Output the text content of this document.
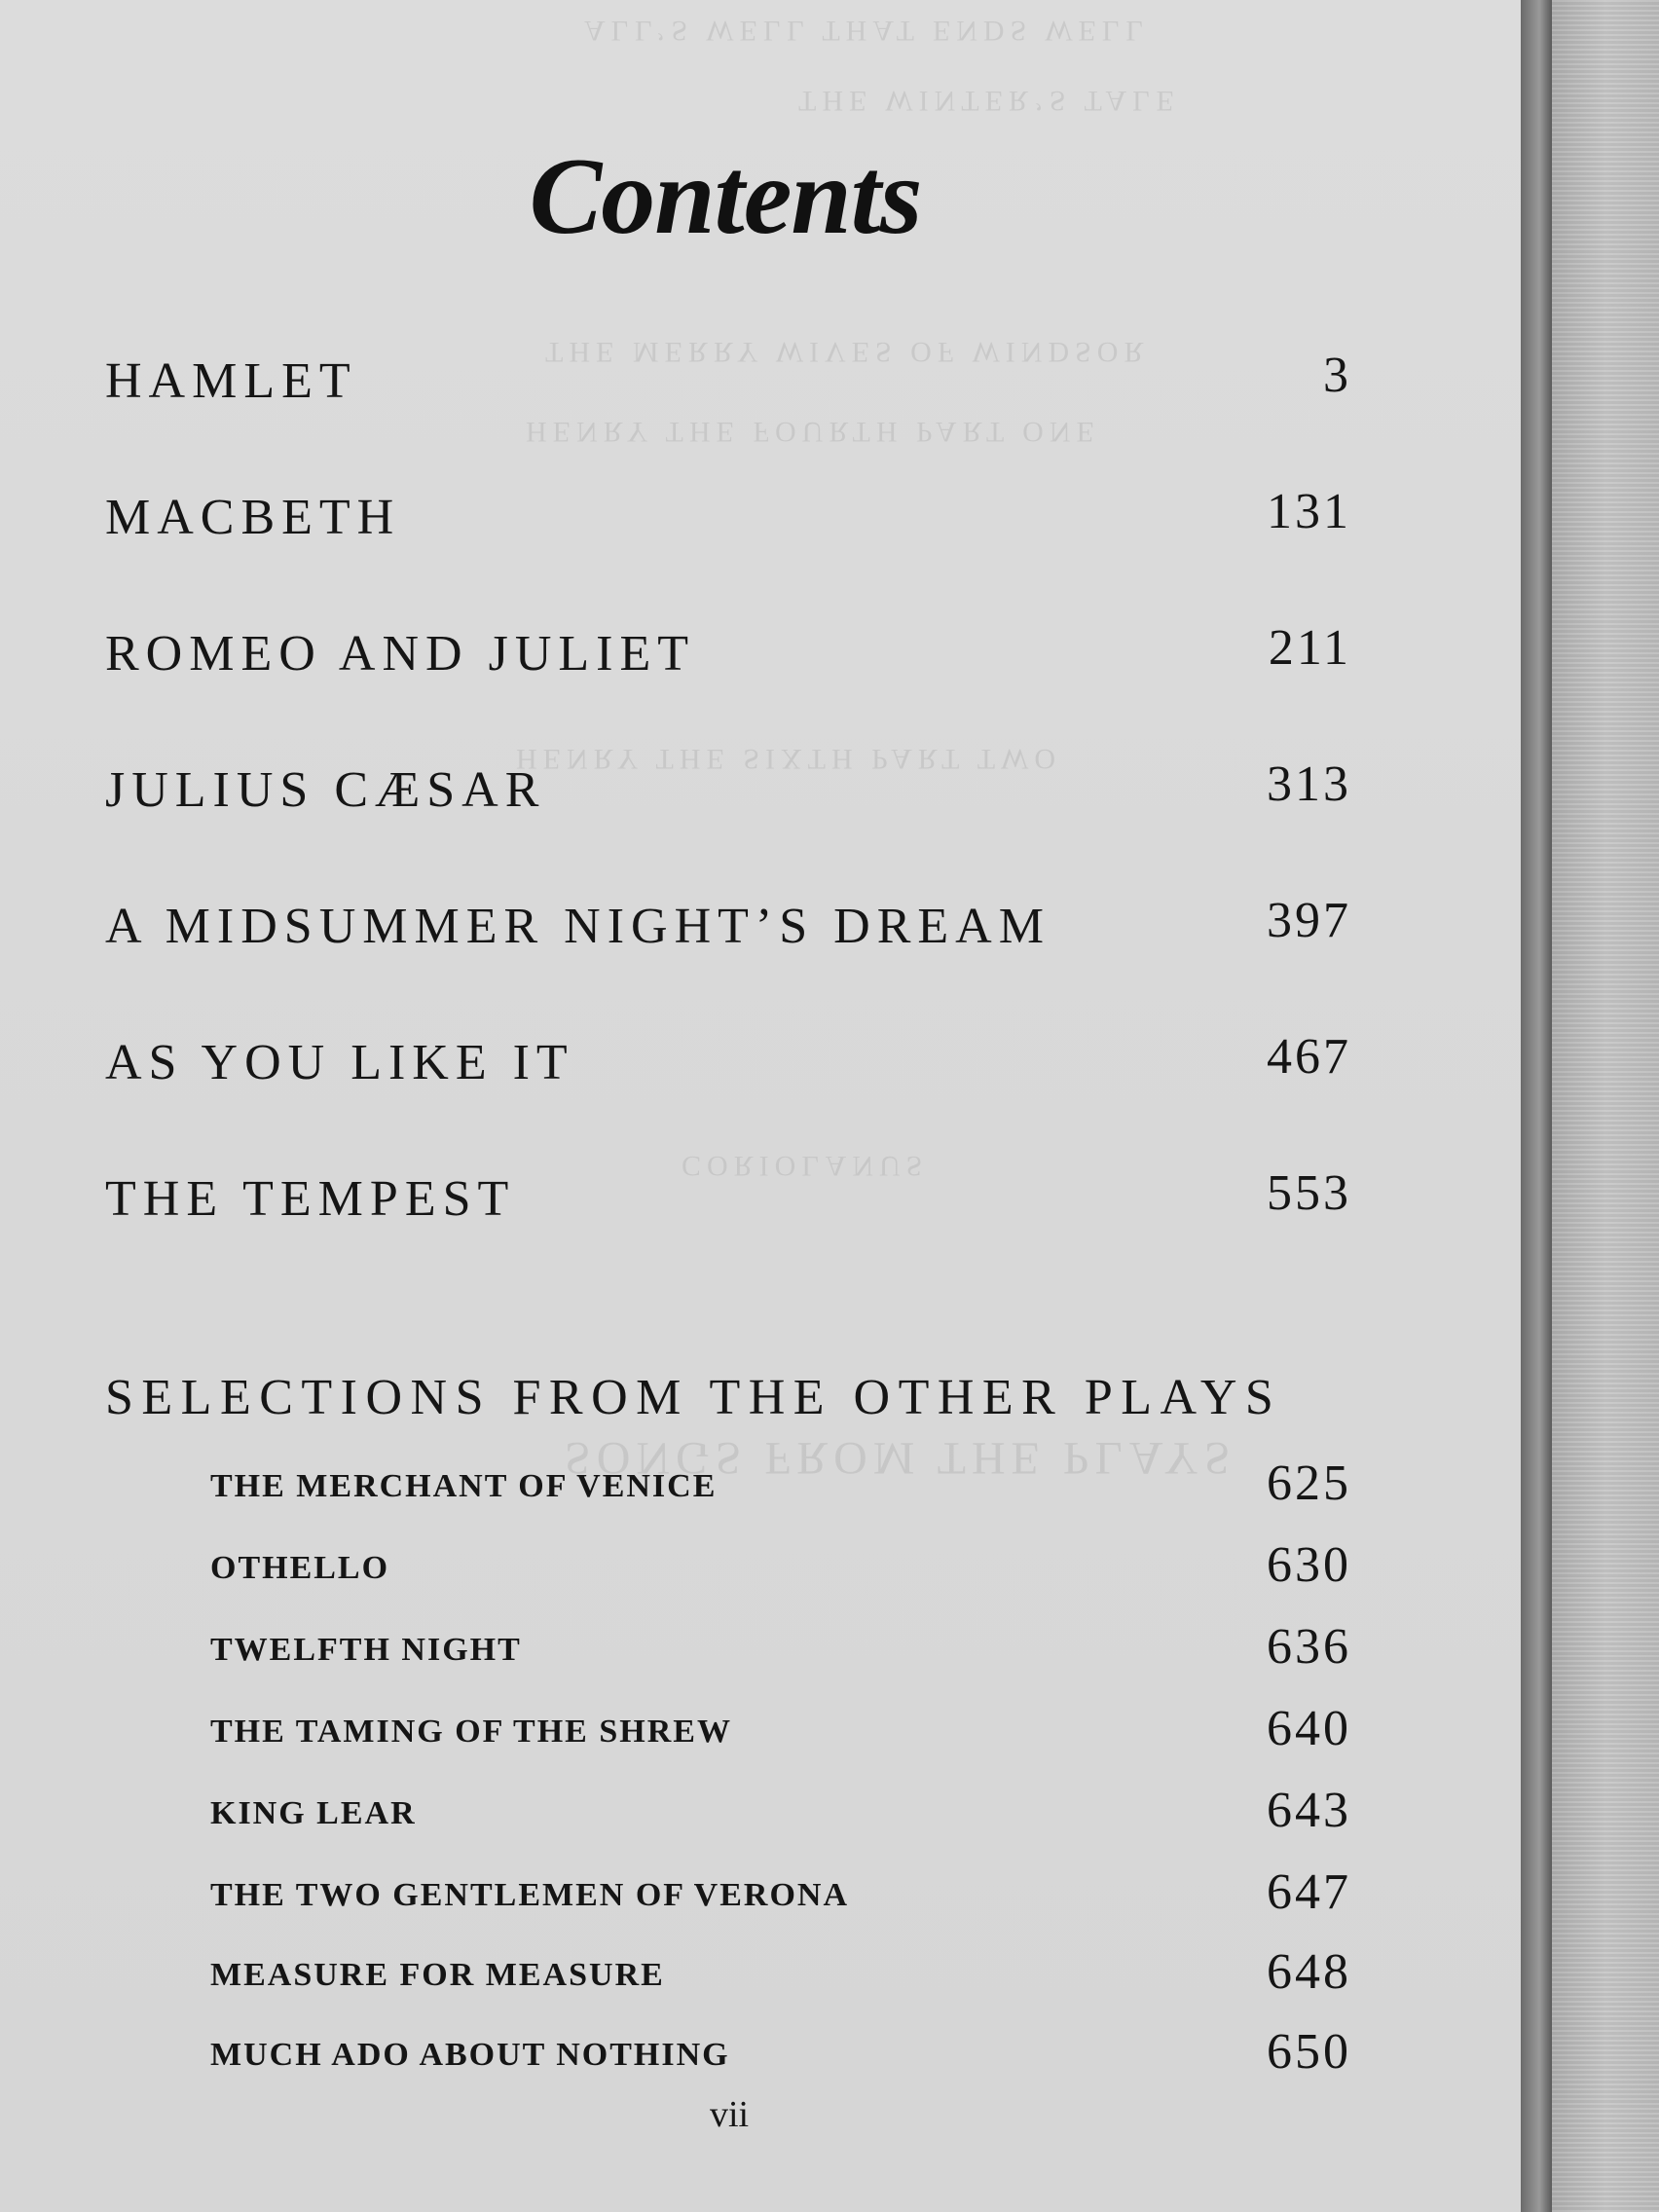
ALL’S WELL THAT ENDS WELL
THE WINTER’S TALE
THE MERRY WIVES OF WINDSOR
HENRY THE FOURTH PART ONE
HENRY THE SIXTH PART TWO
CORIOLANUS
SONGS FROM THE PLAYS
Contents
HAMLET	3
MACBETH	131
ROMEO AND JULIET	211
JULIUS CÆSAR	313
A MIDSUMMER NIGHT’S DREAM	397
AS YOU LIKE IT	467
THE TEMPEST	553
SELECTIONS FROM THE OTHER PLAYS
THE MERCHANT OF VENICE	625
OTHELLO	630
TWELFTH NIGHT	636
THE TAMING OF THE SHREW	640
KING LEAR	643
THE TWO GENTLEMEN OF VERONA	647
MEASURE FOR MEASURE	648
MUCH ADO ABOUT NOTHING	650
vii
